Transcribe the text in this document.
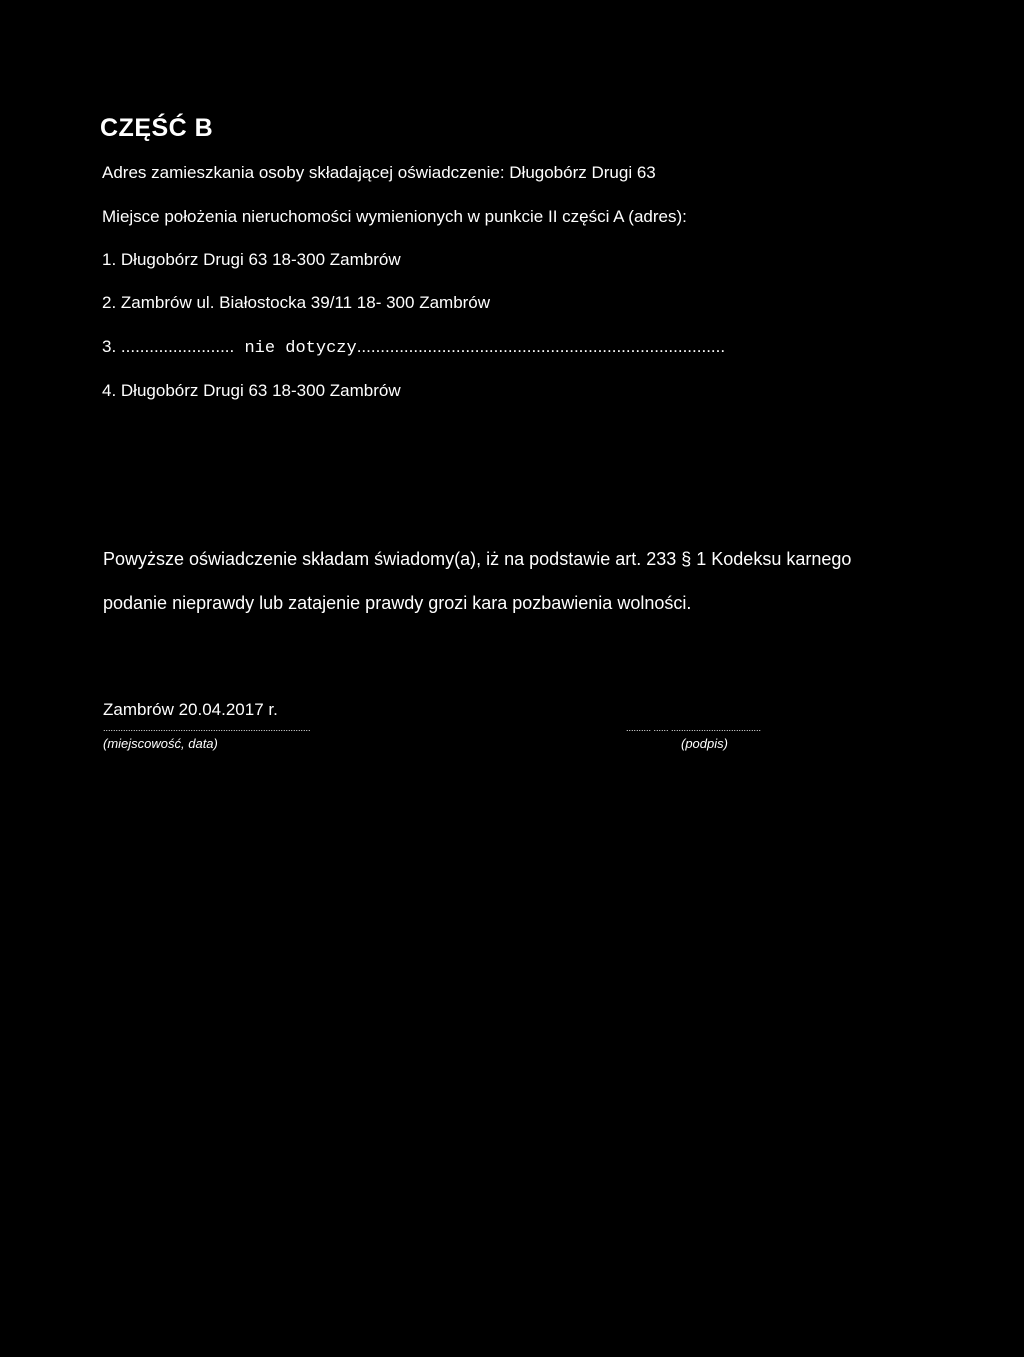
CZĘŚĆ B
Adres zamieszkania osoby składającej oświadczenie: Długobórz Drugi 63
Miejsce położenia nieruchomości wymienionych w punkcie II części A (adres):
1. Długobórz Drugi 63 18-300 Zambrów
2. Zambrów ul. Białostocka 39/11 18- 300 Zambrów
3. ........................ nie dotyczy..............................................................................
4. Długobórz Drugi 63 18-300 Zambrów
Powyższe oświadczenie składam świadomy(a), iż na podstawie art. 233 § 1 Kodeksu karnego
podanie nieprawdy lub zatajenie prawdy grozi kara pozbawienia wolności.
Zambrów 20.04.2017 r.
...................................................................................
(miejscowość, data)
.......... ...... ....................................
(podpis)
